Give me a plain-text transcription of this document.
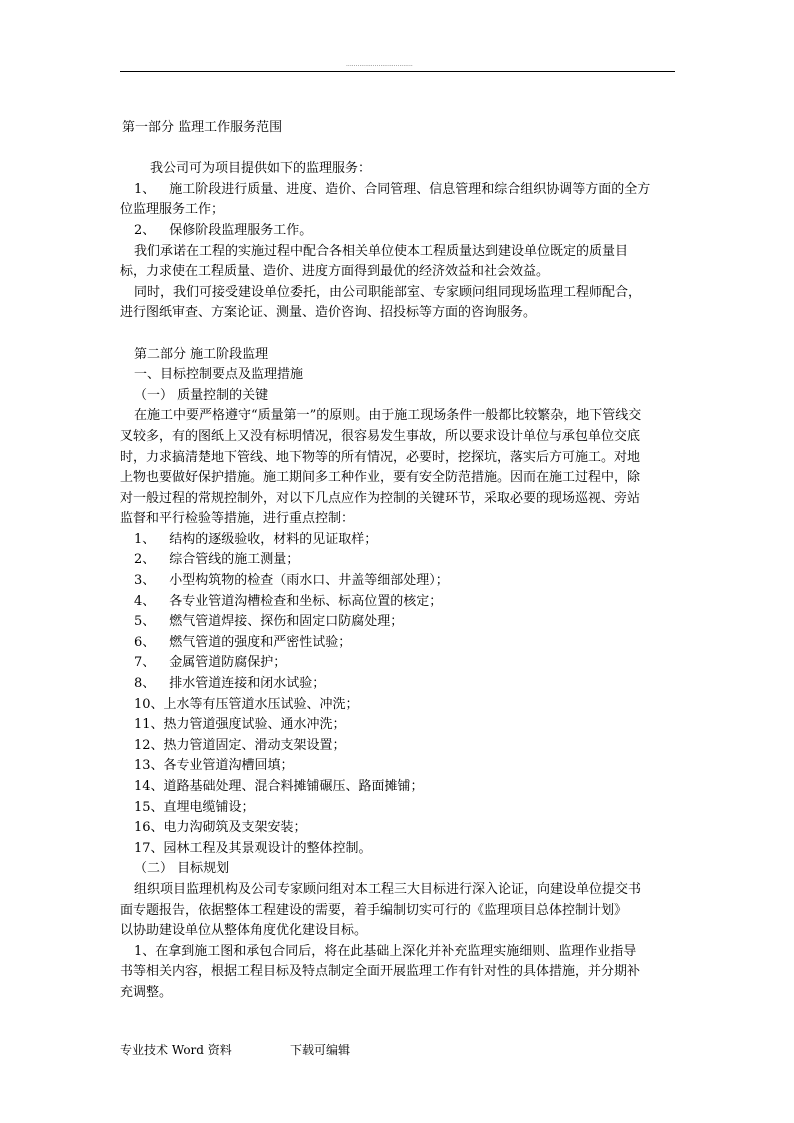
...................................

第一部分 监理工作服务范围

我公司可为项目提供如下的监理服务：

1、 施工阶段进行质量、进度、造价、合同管理、信息管理和综合组织协调等方面的全方

位监理服务工作；

2、 保修阶段监理服务工作。

我们承诺在工程的实施过程中配合各相关单位使本工程质量达到建设单位既定的质量目

标，力求使在工程质量、造价、进度方面得到最优的经济效益和社会效益。

同时，我们可接受建设单位委托，由公司职能部室、专家顾问组同现场监理工程师配合，

进行图纸审查、方案论证、测量、造价咨询、招投标等方面的咨询服务。

第二部分 施工阶段监理

一、目标控制要点及监理措施

（一） 质量控制的关键

在施工中要严格遵守“质量第一”的原则。由于施工现场条件一般都比较繁杂，地下管线交

叉较多，有的图纸上又没有标明情况，很容易发生事故，所以要求设计单位与承包单位交底

时，力求搞清楚地下管线、地下物等的所有情况，必要时，挖探坑，落实后方可施工。对地

上物也要做好保护措施。施工期间多工种作业，要有安全防范措施。因而在施工过程中，除

对一般过程的常规控制外，对以下几点应作为控制的关键环节，采取必要的现场巡视、旁站

监督和平行检验等措施，进行重点控制：

1、 结构的逐级验收，材料的见证取样；

2、 综合管线的施工测量；

3、 小型构筑物的检查（雨水口、井盖等细部处理）；

4、 各专业管道沟槽检查和坐标、标高位置的核定；

5、 燃气管道焊接、探伤和固定口防腐处理；

6、 燃气管道的强度和严密性试验；

7、 金属管道防腐保护；

8、 排水管道连接和闭水试验；

10、上水等有压管道水压试验、冲洗；

11、热力管道强度试验、通水冲洗；

12、热力管道固定、滑动支架设置；

13、各专业管道沟槽回填；

14、道路基础处理、混合料摊铺碾压、路面摊铺；

15、直埋电缆铺设；

16、电力沟砌筑及支架安装；

17、园林工程及其景观设计的整体控制。

（二） 目标规划

组织项目监理机构及公司专家顾问组对本工程三大目标进行深入论证，向建设单位提交书

面专题报告，依据整体工程建设的需要，着手编制切实可行的《监理项目总体控制计划》

以协助建设单位从整体角度优化建设目标。

1、在拿到施工图和承包合同后，将在此基础上深化并补充监理实施细则、监理作业指导

书等相关内容，根据工程目标及特点制定全面开展监理工作有针对性的具体措施，并分期补

充调整。

专业技术 Word 资料	下载可编辑
